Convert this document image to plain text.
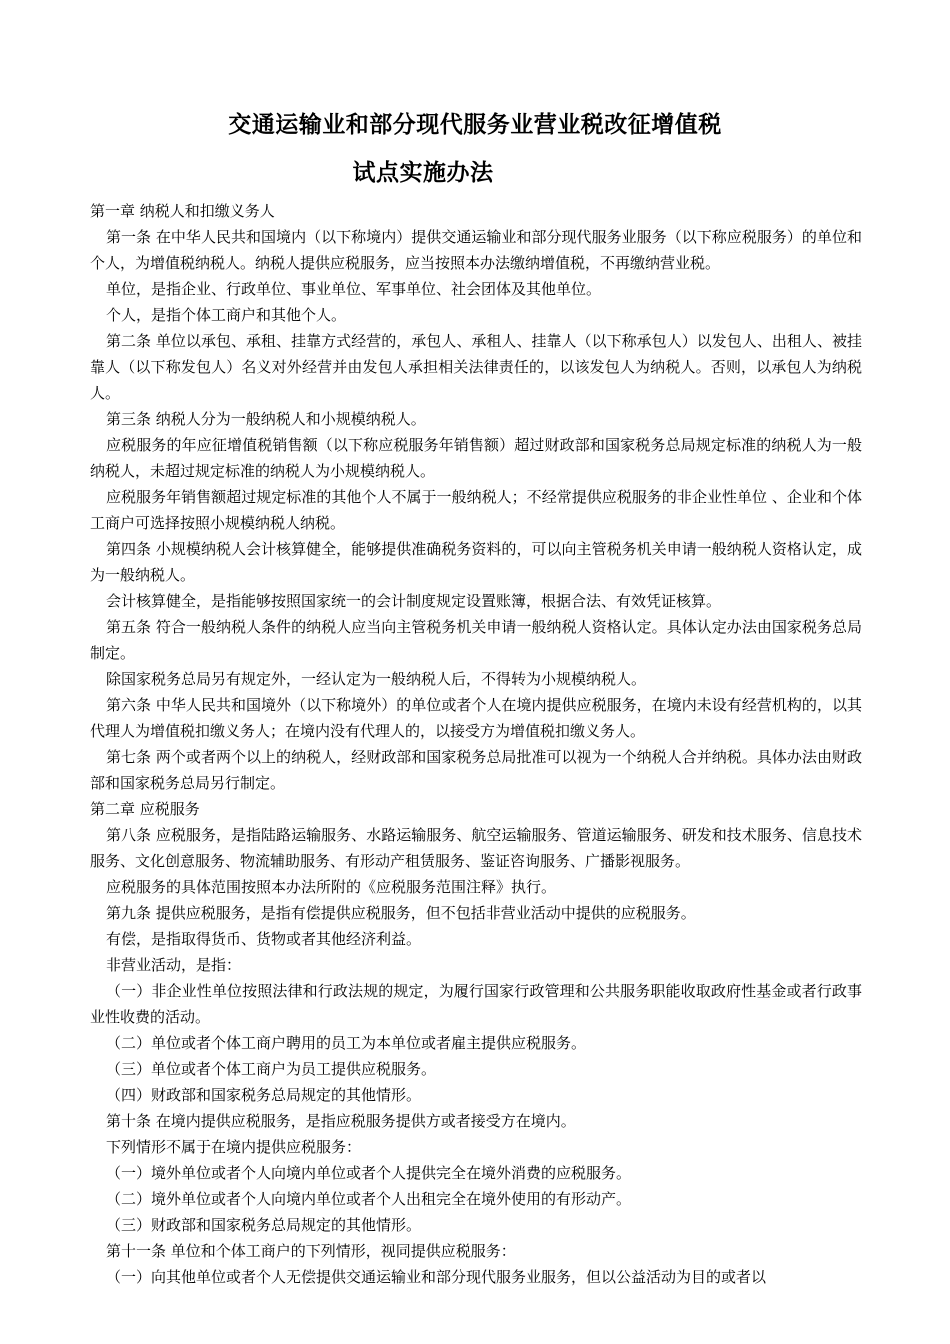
交通运输业和部分现代服务业营业税改征增值税
试点实施办法

第一章 纳税人和扣缴义务人

第一条 在中华人民共和国境内（以下称境内）提供交通运输业和部分现代服务业服务（以下称应税服务）的单位和个人，为增值税纳税人。纳税人提供应税服务，应当按照本办法缴纳增值税，不再缴纳营业税。

单位，是指企业、行政单位、事业单位、军事单位、社会团体及其他单位。

个人，是指个体工商户和其他个人。

第二条 单位以承包、承租、挂靠方式经营的，承包人、承租人、挂靠人（以下称承包人）以发包人、出租人、被挂靠人（以下称发包人）名义对外经营并由发包人承担相关法律责任的，以该发包人为纳税人。否则，以承包人为纳税人。

第三条 纳税人分为一般纳税人和小规模纳税人。

应税服务的年应征增值税销售额（以下称应税服务年销售额）超过财政部和国家税务总局规定标准的纳税人为一般纳税人，未超过规定标准的纳税人为小规模纳税人。

应税服务年销售额超过规定标准的其他个人不属于一般纳税人；不经常提供应税服务的非企业性单位 、企业和个体工商户可选择按照小规模纳税人纳税。

第四条 小规模纳税人会计核算健全，能够提供准确税务资料的，可以向主管税务机关申请一般纳税人资格认定，成为一般纳税人。

会计核算健全，是指能够按照国家统一的会计制度规定设置账簿，根据合法、有效凭证核算。

第五条 符合一般纳税人条件的纳税人应当向主管税务机关申请一般纳税人资格认定。具体认定办法由国家税务总局制定。

除国家税务总局另有规定外，一经认定为一般纳税人后，不得转为小规模纳税人。

第六条 中华人民共和国境外（以下称境外）的单位或者个人在境内提供应税服务，在境内未设有经营机构的，以其代理人为增值税扣缴义务人；在境内没有代理人的，以接受方为增值税扣缴义务人。

第七条 两个或者两个以上的纳税人，经财政部和国家税务总局批准可以视为一个纳税人合并纳税。具体办法由财政部和国家税务总局另行制定。

第二章 应税服务

第八条 应税服务，是指陆路运输服务、水路运输服务、航空运输服务、管道运输服务、研发和技术服务、信息技术服务、文化创意服务、物流辅助服务、有形动产租赁服务、鉴证咨询服务、广播影视服务。

应税服务的具体范围按照本办法所附的《应税服务范围注释》执行。

第九条 提供应税服务，是指有偿提供应税服务，但不包括非营业活动中提供的应税服务。

有偿，是指取得货币、货物或者其他经济利益。

非营业活动，是指：

（一）非企业性单位按照法律和行政法规的规定，为履行国家行政管理和公共服务职能收取政府性基金或者行政事业性收费的活动。

（二）单位或者个体工商户聘用的员工为本单位或者雇主提供应税服务。

（三）单位或者个体工商户为员工提供应税服务。

（四）财政部和国家税务总局规定的其他情形。

第十条 在境内提供应税服务，是指应税服务提供方或者接受方在境内。

下列情形不属于在境内提供应税服务：

（一）境外单位或者个人向境内单位或者个人提供完全在境外消费的应税服务。

（二）境外单位或者个人向境内单位或者个人出租完全在境外使用的有形动产。

（三）财政部和国家税务总局规定的其他情形。

第十一条 单位和个体工商户的下列情形，视同提供应税服务：

（一）向其他单位或者个人无偿提供交通运输业和部分现代服务业服务，但以公益活动为目的或者以
